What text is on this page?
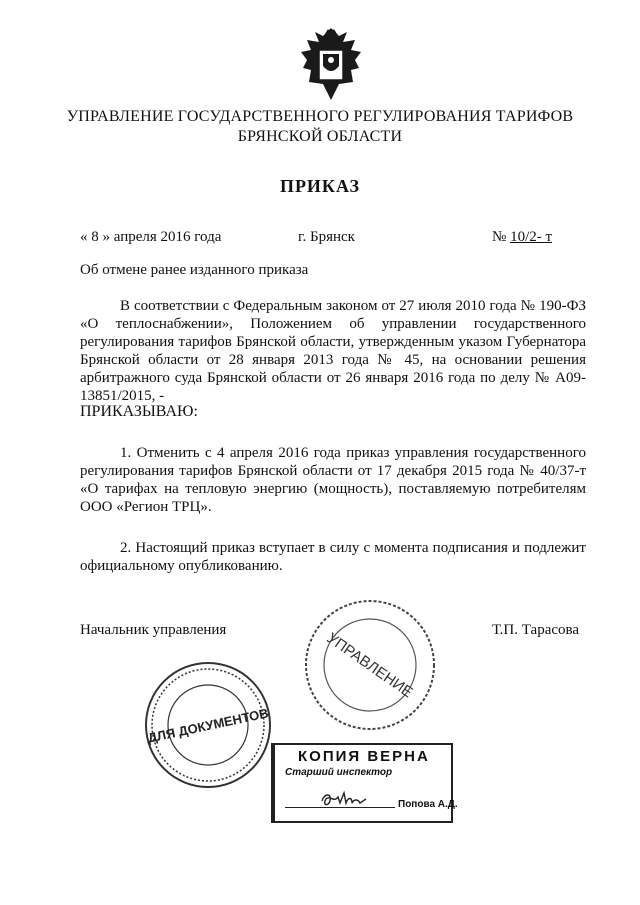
УПРАВЛЕНИЕ ГОСУДАРСТВЕННОГО РЕГУЛИРОВАНИЯ ТАРИФОВ
БРЯНСКОЙ ОБЛАСТИ
ПРИКАЗ
« 8 » апреля 2016 года	г. Брянск	№ 10/2- т
Об отмене ранее изданного приказа
В соответствии с Федеральным законом от 27 июля 2010 года № 190-ФЗ «О теплоснабжении», Положением об управлении государственного регулирования тарифов Брянской области, утвержденным указом Губернатора Брянской области от 28 января 2013 года № 45, на основании решения арбитражного суда Брянской области от 26 января 2016 года по делу № А09-13851/2015, -
ПРИКАЗЫВАЮ:
1. Отменить с 4 апреля 2016 года приказ управления государственного регулирования тарифов Брянской области от 17 декабря 2015 года № 40/37-т «О тарифах на тепловую энергию (мощность), поставляемую потребителям ООО «Регион ТРЦ».
2. Настоящий приказ вступает в силу с момента подписания и подлежит официальному опубликованию.
Начальник управления	Т.П. Тарасова
УПРАВЛЕНИЕ
ДЛЯ ДОКУМЕНТОВ
КОПИЯ ВЕРНА
Старший инспектор
Попова А.Д.
